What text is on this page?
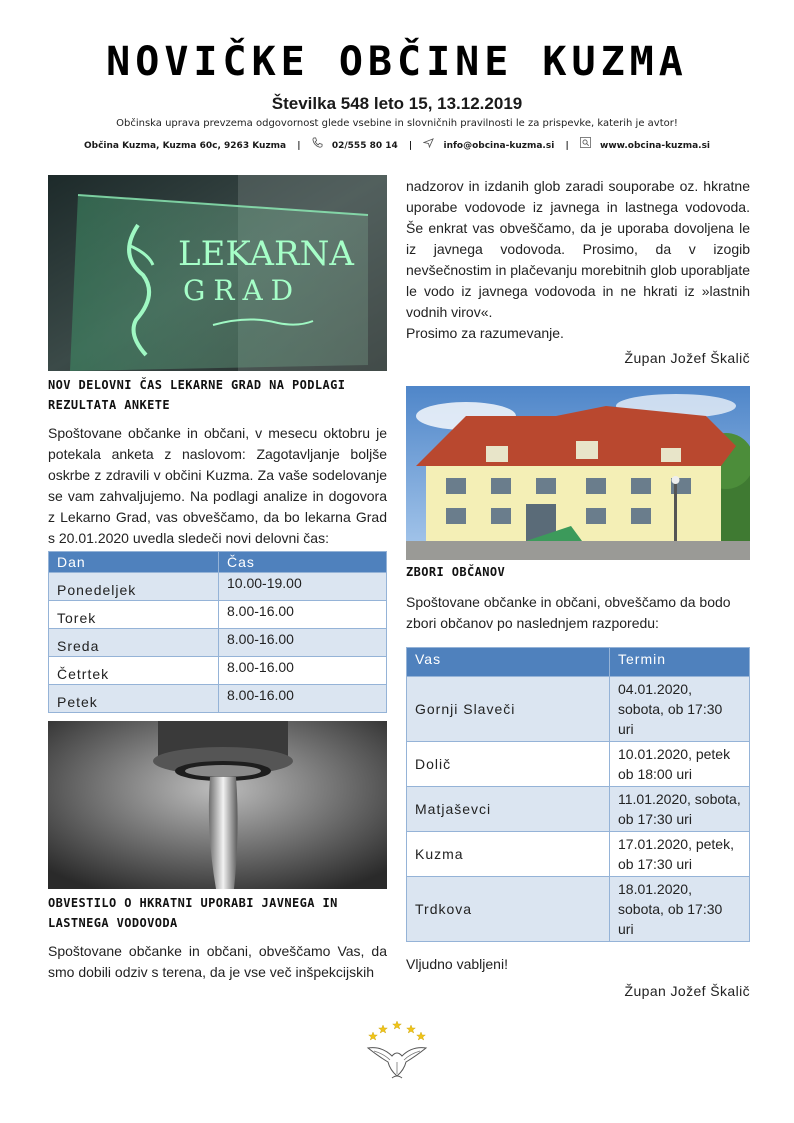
NOVIČKE OBČINE KUZMA
Številka 548 leto 15, 13.12.2019
Občinska uprava prevzema odgovornost glede vsebine in slovničnih pravilnosti le za prispevke, katerih je avtor!
Občina Kuzma, Kuzma 60c, 9263 Kuzma |	02/555 80 14 |	info@obcina-kuzma.si |	www.obcina-kuzma.si
LEKARNA
GRAD
NOV DELOVNI ČAS LEKARNE GRAD NA PODLAGI REZULTATA ANKETE

Spoštovane občanke in občani, v mesecu oktobru je potekala anketa z naslovom: Zagotavljanje boljše oskrbe z zdravili v občini Kuzma. Za vaše sodelovanje se vam zahvaljujemo. Na podlagi analize in dogovora z Lekarno Grad, vas obveščamo, da bo lekarna Grad s 20.01.2020 uvedla sledeči novi delovni čas:

Dan	Čas
Ponedeljek	10.00-19.00
Torek	8.00-16.00
Sreda	8.00-16.00
Četrtek	8.00-16.00
Petek	8.00-16.00
OBVESTILO O HKRATNI UPORABI JAVNEGA IN LASTNEGA VODOVODA

Spoštovane občanke in občani, obveščamo Vas, da smo dobili odziv s terena, da je vse več inšpekcijskih

nadzorov in izdanih glob zaradi souporabe oz. hkratne uporabe vodovode iz javnega in lastnega vodovoda. Še enkrat vas obveščamo, da je uporaba dovoljena le iz javnega vodovoda. Prosimo, da v izogib nevšečnostim in plačevanju morebitnih glob uporabljate le vodo iz javnega vodovoda in ne hkrati iz »lastnih vodnih virov«.

Prosimo za razumevanje.

Župan Jožef Škalič
ZBORI OBČANOV

Spoštovane občanke in občani, obveščamo da bodo zbori občanov po naslednjem razporedu:

Vas	Termin
Gornji Slaveči	04.01.2020, sobota, ob 17:30 uri
Dolič	10.01.2020, petek ob 18:00 uri
Matjaševci	11.01.2020, sobota, ob 17:30 uri
Kuzma	17.01.2020, petek, ob 17:30 uri
Trdkova	18.01.2020, sobota, ob 17:30 uri

Vljudno vabljeni!

Župan Jožef Škalič
